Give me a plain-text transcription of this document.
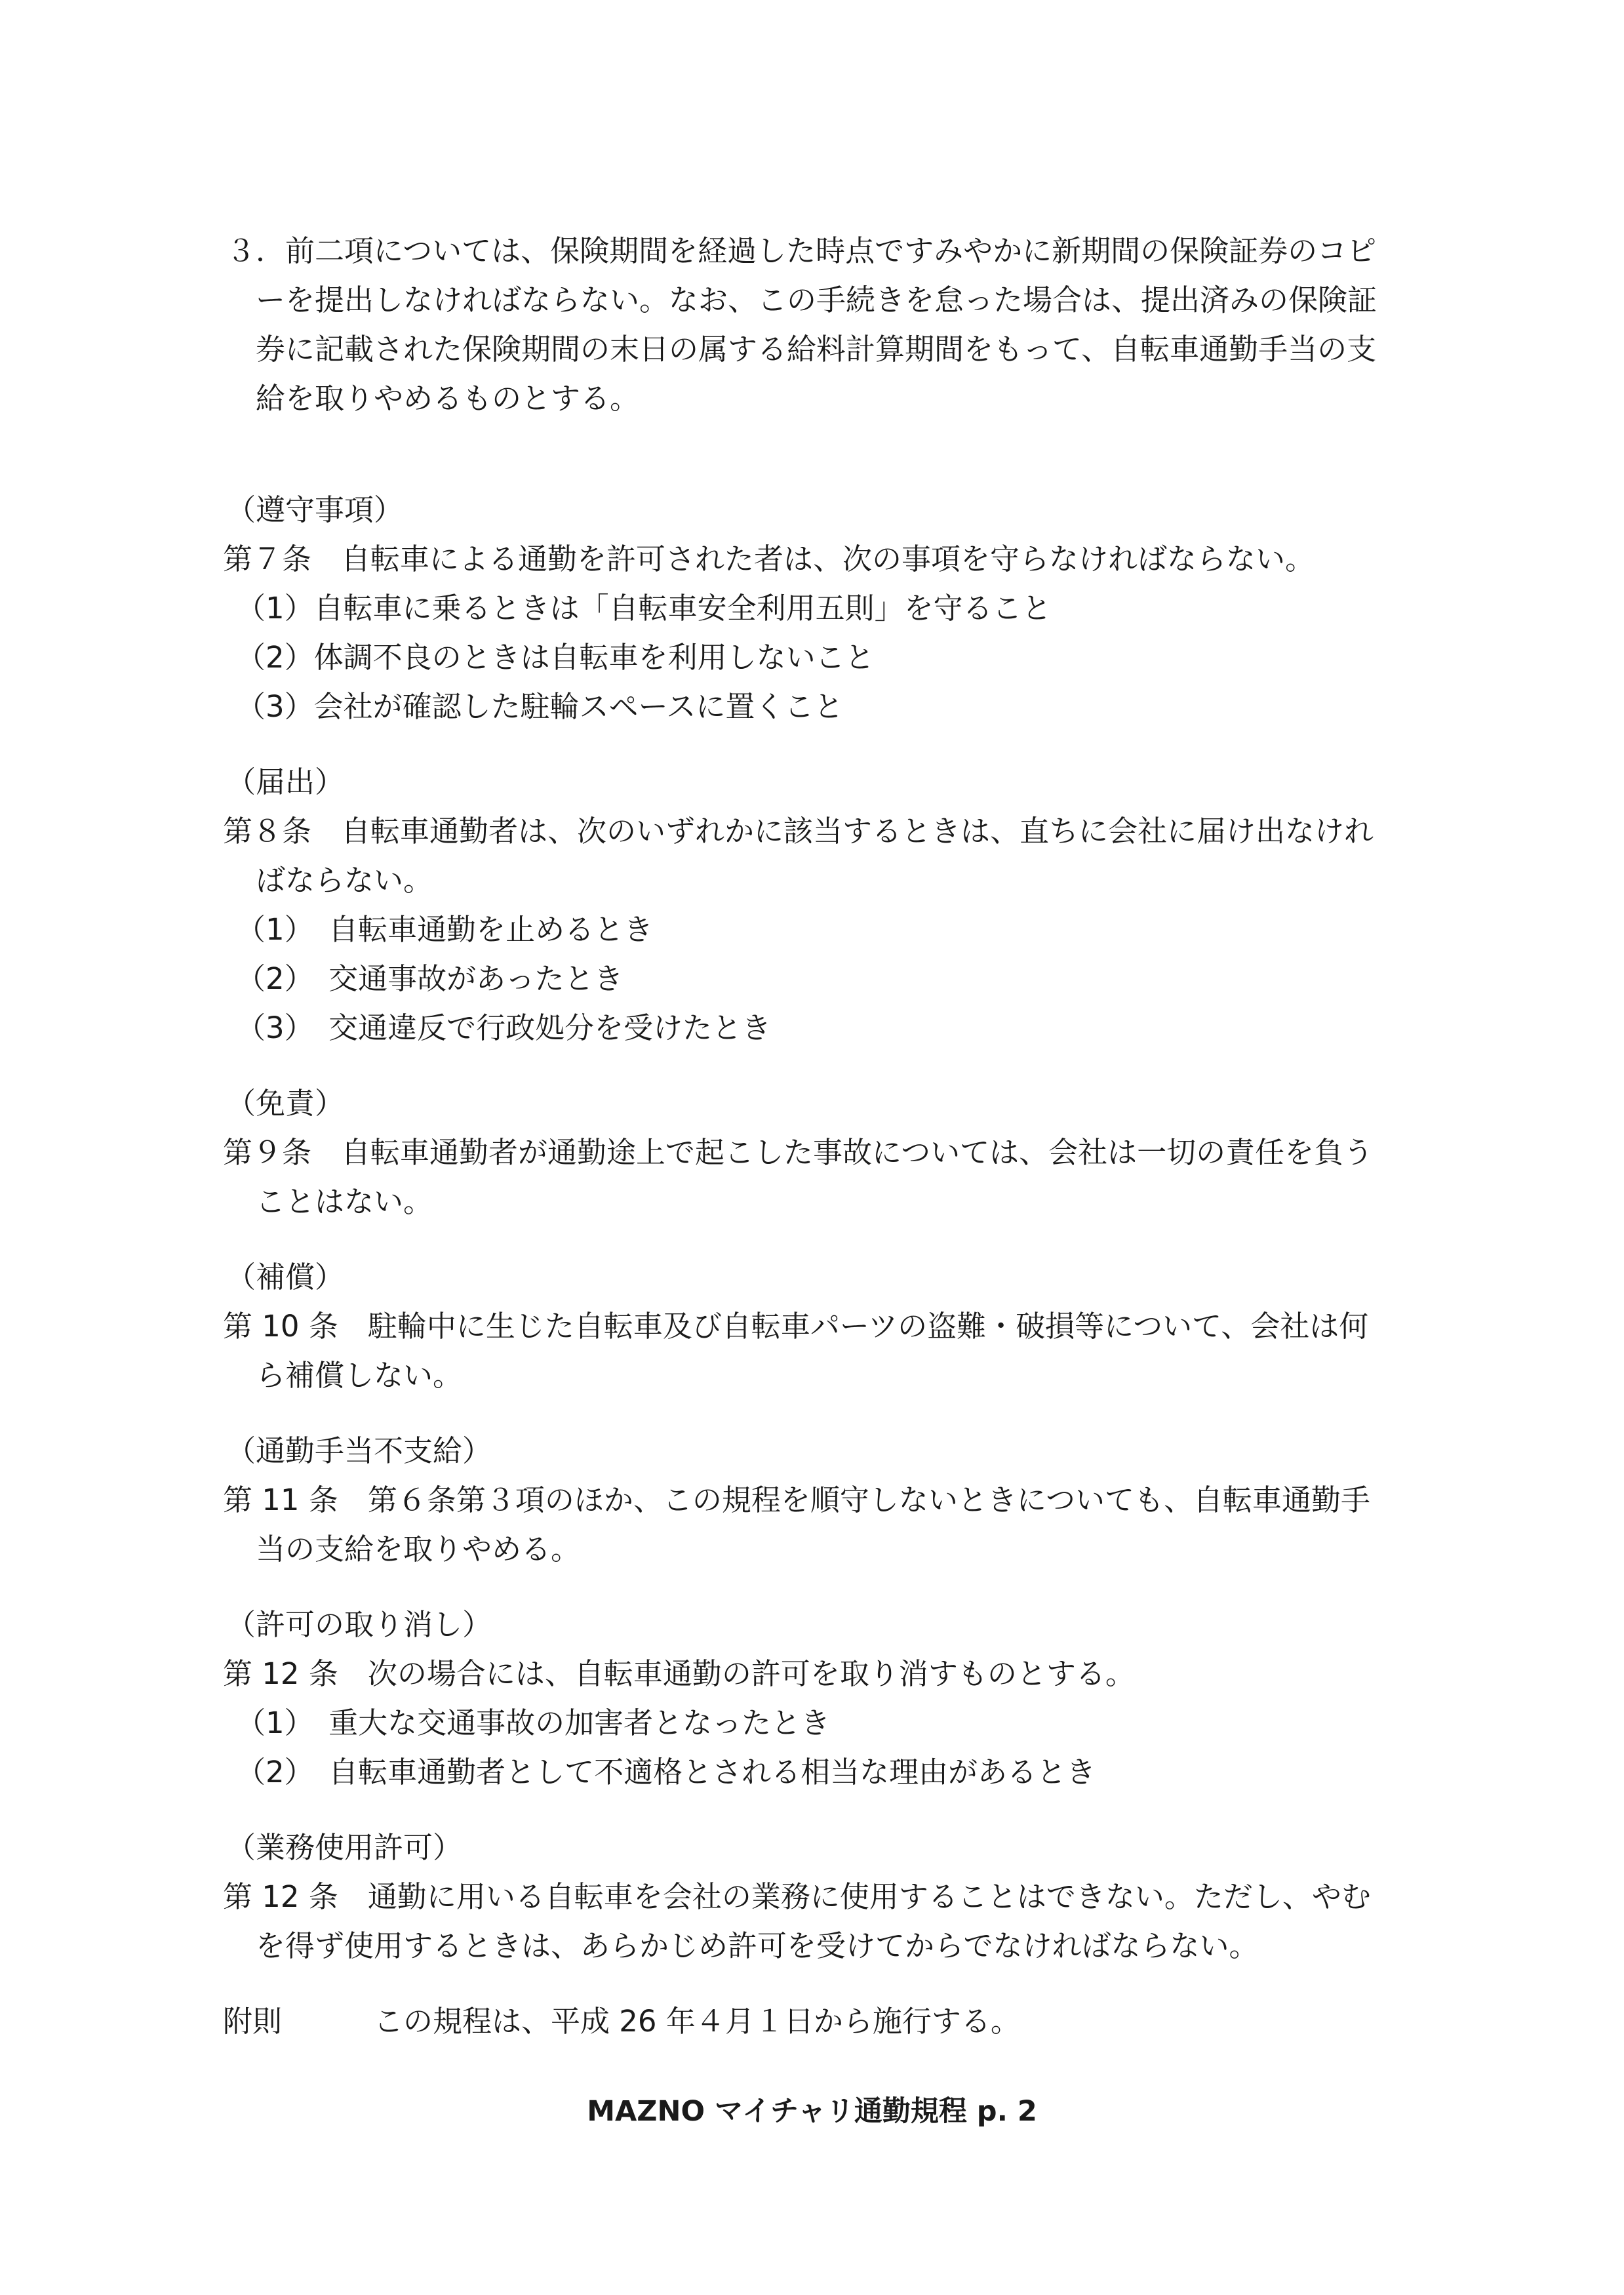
３．前二項については、保険期間を経過した時点ですみやかに新期間の保険証券のコピ
ーを提出しなければならない。なお、この手続きを怠った場合は、提出済みの保険証
券に記載された保険期間の末日の属する給料計算期間をもって、自転車通勤手当の支
給を取りやめるものとする。
（遵守事項）
第７条　自転車による通勤を許可された者は、次の事項を守らなければならない。
（1）自転車に乗るときは「自転車安全利用五則」を守ること
（2）体調不良のときは自転車を利用しないこと
（3）会社が確認した駐輪スペースに置くこと
（届出）
第８条　自転車通勤者は、次のいずれかに該当するときは、直ちに会社に届け出なけれ
ばならない。
（1）　自転車通勤を止めるとき
（2）　交通事故があったとき
（3）　交通違反で行政処分を受けたとき
（免責）
第９条　自転車通勤者が通勤途上で起こした事故については、会社は一切の責任を負う
ことはない。
（補償）
第 10 条　駐輪中に生じた自転車及び自転車パーツの盗難・破損等について、会社は何
ら補償しない。
（通勤手当不支給）
第 11 条　第６条第３項のほか、この規程を順守しないときについても、自転車通勤手
当の支給を取りやめる。
（許可の取り消し）
第 12 条　次の場合には、自転車通勤の許可を取り消すものとする。
（1）　重大な交通事故の加害者となったとき
（2）　自転車通勤者として不適格とされる相当な理由があるとき
（業務使用許可）
第 12 条　通勤に用いる自転車を会社の業務に使用することはできない。ただし、やむ
を得ず使用するときは、あらかじめ許可を受けてからでなければならない。
附則	この規程は、平成 26 年４月１日から施行する。
MAZNO マイチャリ通勤規程 p. 2
